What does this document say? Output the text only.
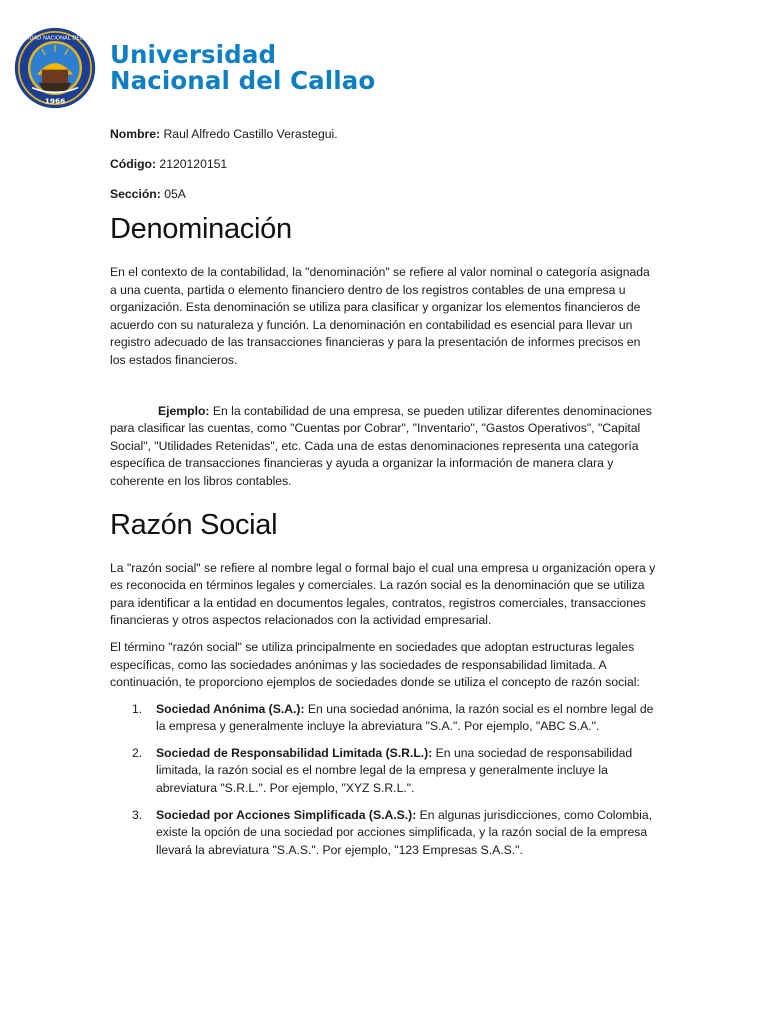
UNIVERSIDAD NACIONAL DEL CALLAO
1966
Universidad
Nacional del Callao

Nombre: Raul Alfredo Castillo Verastegui.

Código: 2120120151

Sección: 05A

Denominación

En el contexto de la contabilidad, la "denominación" se refiere al valor nominal o categoría asignada a una cuenta, partida o elemento financiero dentro de los registros contables de una empresa u organización. Esta denominación se utiliza para clasificar y organizar los elementos financieros de acuerdo con su naturaleza y función. La denominación en contabilidad es esencial para llevar un registro adecuado de las transacciones financieras y para la presentación de informes precisos en los estados financieros.

Ejemplo: En la contabilidad de una empresa, se pueden utilizar diferentes denominaciones para clasificar las cuentas, como "Cuentas por Cobrar", "Inventario", "Gastos Operativos", "Capital Social", "Utilidades Retenidas", etc. Cada una de estas denominaciones representa una categoría específica de transacciones financieras y ayuda a organizar la información de manera clara y coherente en los libros contables.

Razón Social

La "razón social" se refiere al nombre legal o formal bajo el cual una empresa u organización opera y es reconocida en términos legales y comerciales. La razón social es la denominación que se utiliza para identificar a la entidad en documentos legales, contratos, registros comerciales, transacciones financieras y otros aspectos relacionados con la actividad empresarial.

El término "razón social" se utiliza principalmente en sociedades que adoptan estructuras legales específicas, como las sociedades anónimas y las sociedades de responsabilidad limitada. A continuación, te proporciono ejemplos de sociedades donde se utiliza el concepto de razón social:

1. Sociedad Anónima (S.A.): En una sociedad anónima, la razón social es el nombre legal de la empresa y generalmente incluye la abreviatura "S.A.". Por ejemplo, "ABC S.A.".
2. Sociedad de Responsabilidad Limitada (S.R.L.): En una sociedad de responsabilidad limitada, la razón social es el nombre legal de la empresa y generalmente incluye la abreviatura "S.R.L.". Por ejemplo, "XYZ S.R.L.".
3. Sociedad por Acciones Simplificada (S.A.S.): En algunas jurisdicciones, como Colombia, existe la opción de una sociedad por acciones simplificada, y la razón social de la empresa llevará la abreviatura "S.A.S.". Por ejemplo, "123 Empresas S.A.S.".
